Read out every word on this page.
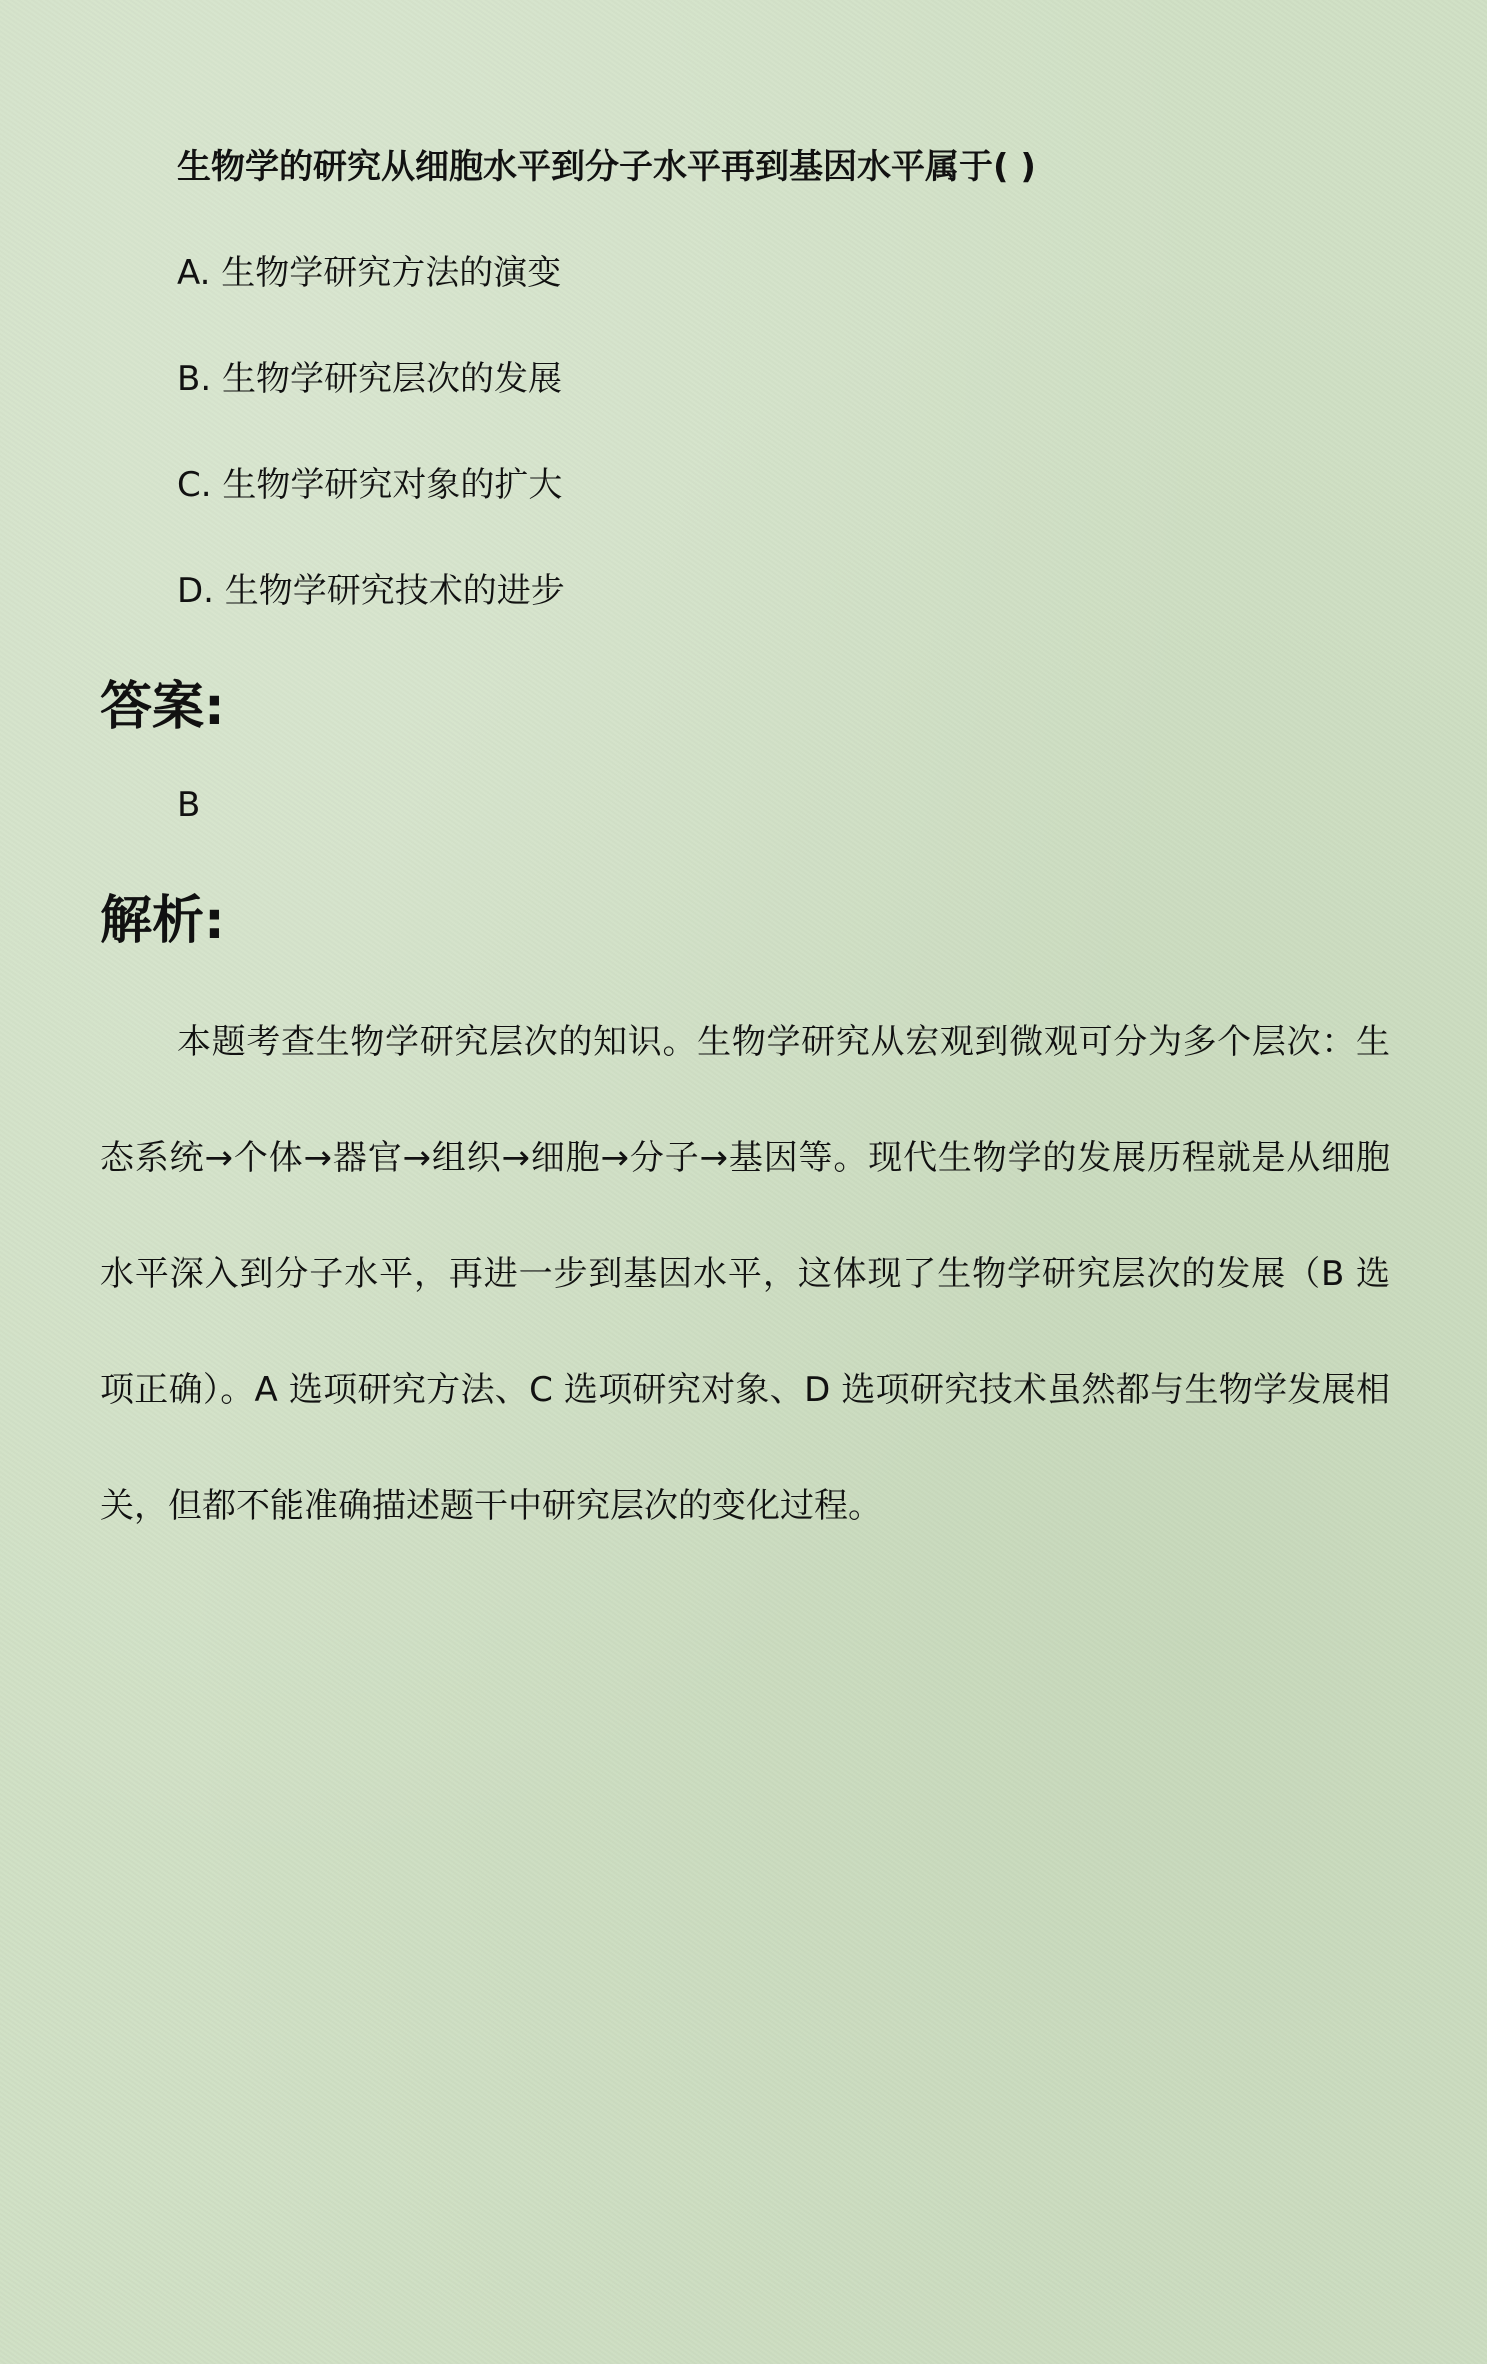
生物学的研究从细胞水平到分子水平再到基因水平属于( )

A. 生物学研究方法的演变
B. 生物学研究层次的发展
C. 生物学研究对象的扩大
D. 生物学研究技术的进步
答案:

B

解析:

本题考查生物学研究层次的知识。生物学研究从宏观到微观可分为多个层次：生态系统→个体→器官→组织→细胞→分子→基因等。现代生物学的发展历程就是从细胞水平深入到分子水平，再进一步到基因水平，这体现了生物学研究层次的发展（B 选项正确）。A 选项研究方法、C 选项研究对象、D 选项研究技术虽然都与生物学发展相关，但都不能准确描述题干中研究层次的变化过程。
